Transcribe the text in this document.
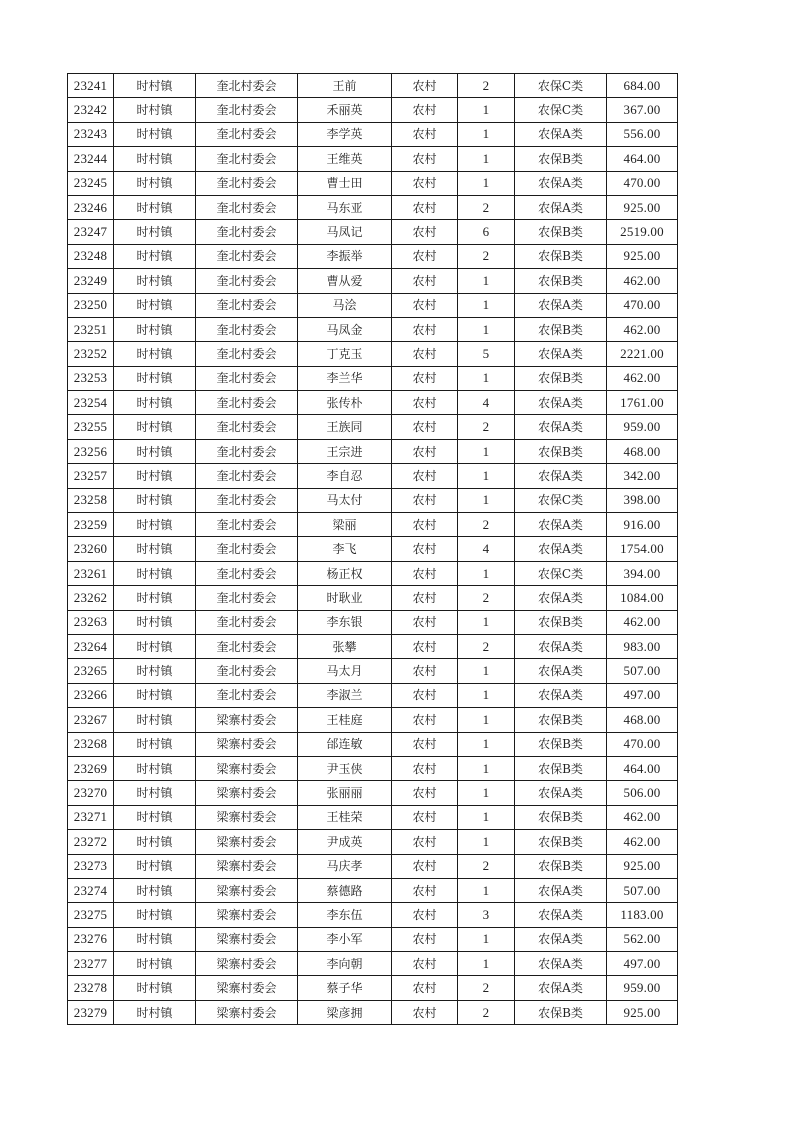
23241	时村镇	奎北村委会	王前	农村	2	农保C类	684.00
23242	时村镇	奎北村委会	禾丽英	农村	1	农保C类	367.00
23243	时村镇	奎北村委会	李学英	农村	1	农保A类	556.00
23244	时村镇	奎北村委会	王维英	农村	1	农保B类	464.00
23245	时村镇	奎北村委会	曹士田	农村	1	农保A类	470.00
23246	时村镇	奎北村委会	马东亚	农村	2	农保A类	925.00
23247	时村镇	奎北村委会	马凤记	农村	6	农保B类	2519.00
23248	时村镇	奎北村委会	李振举	农村	2	农保B类	925.00
23249	时村镇	奎北村委会	曹从爱	农村	1	农保B类	462.00
23250	时村镇	奎北村委会	马浍	农村	1	农保A类	470.00
23251	时村镇	奎北村委会	马凤金	农村	1	农保B类	462.00
23252	时村镇	奎北村委会	丁克玉	农村	5	农保A类	2221.00
23253	时村镇	奎北村委会	李兰华	农村	1	农保B类	462.00
23254	时村镇	奎北村委会	张传朴	农村	4	农保A类	1761.00
23255	时村镇	奎北村委会	王族同	农村	2	农保A类	959.00
23256	时村镇	奎北村委会	王宗进	农村	1	农保B类	468.00
23257	时村镇	奎北村委会	李自忍	农村	1	农保A类	342.00
23258	时村镇	奎北村委会	马太付	农村	1	农保C类	398.00
23259	时村镇	奎北村委会	梁丽	农村	2	农保A类	916.00
23260	时村镇	奎北村委会	李飞	农村	4	农保A类	1754.00
23261	时村镇	奎北村委会	杨正权	农村	1	农保C类	394.00
23262	时村镇	奎北村委会	时耿业	农村	2	农保A类	1084.00
23263	时村镇	奎北村委会	李东银	农村	1	农保B类	462.00
23264	时村镇	奎北村委会	张攀	农村	2	农保A类	983.00
23265	时村镇	奎北村委会	马太月	农村	1	农保A类	507.00
23266	时村镇	奎北村委会	李淑兰	农村	1	农保A类	497.00
23267	时村镇	梁寨村委会	王桂庭	农村	1	农保B类	468.00
23268	时村镇	梁寨村委会	邰连敏	农村	1	农保B类	470.00
23269	时村镇	梁寨村委会	尹玉侠	农村	1	农保B类	464.00
23270	时村镇	梁寨村委会	张丽丽	农村	1	农保A类	506.00
23271	时村镇	梁寨村委会	王桂荣	农村	1	农保B类	462.00
23272	时村镇	梁寨村委会	尹成英	农村	1	农保B类	462.00
23273	时村镇	梁寨村委会	马庆孝	农村	2	农保B类	925.00
23274	时村镇	梁寨村委会	蔡德路	农村	1	农保A类	507.00
23275	时村镇	梁寨村委会	李东伍	农村	3	农保A类	1183.00
23276	时村镇	梁寨村委会	李小军	农村	1	农保A类	562.00
23277	时村镇	梁寨村委会	李向朝	农村	1	农保A类	497.00
23278	时村镇	梁寨村委会	蔡子华	农村	2	农保A类	959.00
23279	时村镇	梁寨村委会	梁彦拥	农村	2	农保B类	925.00
